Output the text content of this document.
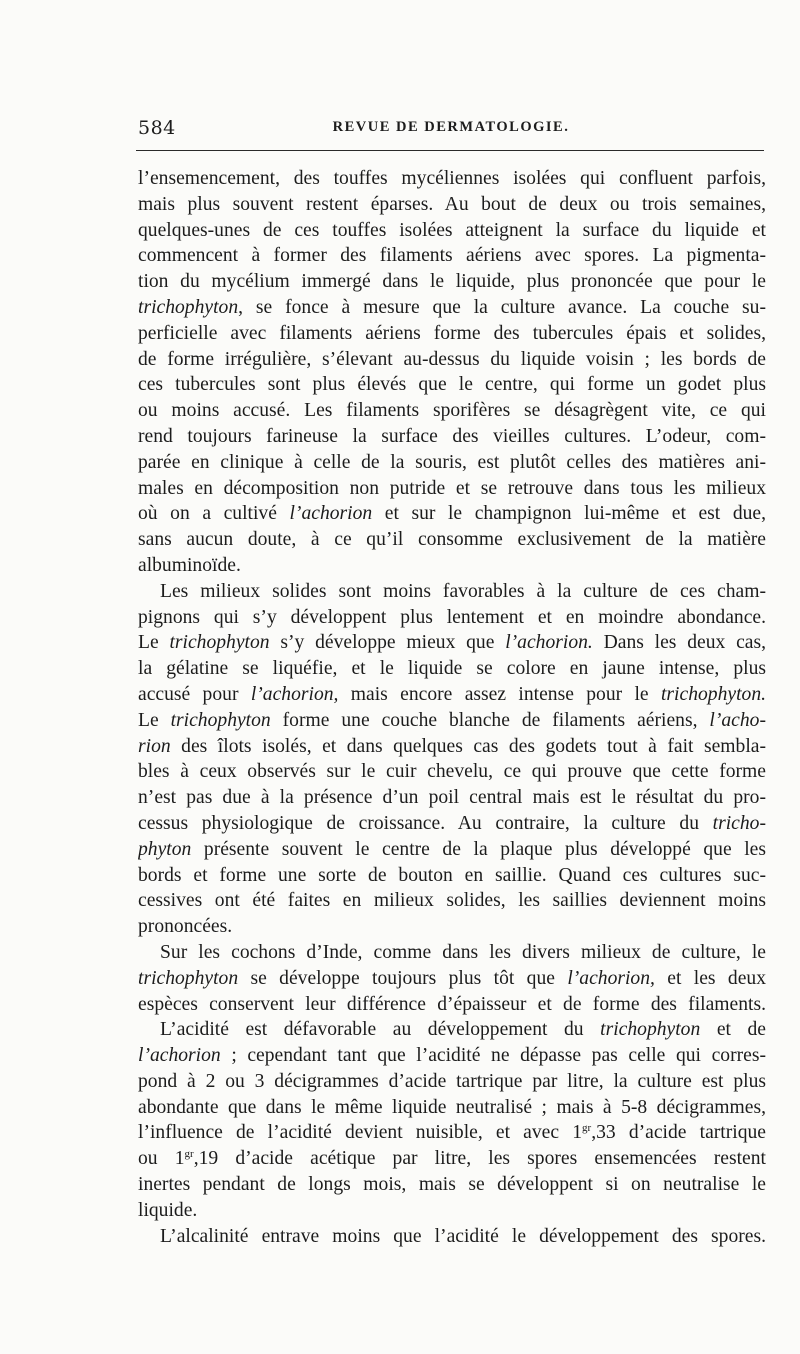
584	REVUE DE DERMATOLOGIE.
l’ensemencement, des touffes mycéliennes isolées qui confluent parfois,
mais plus souvent restent éparses. Au bout de deux ou trois semaines,
quelques-unes de ces touffes isolées atteignent la surface du liquide et
commencent à former des filaments aériens avec spores. La pigmenta-
tion du mycélium immergé dans le liquide, plus prononcée que pour le
trichophyton, se fonce à mesure que la culture avance. La couche su-
perficielle avec filaments aériens forme des tubercules épais et solides,
de forme irrégulière, s’élevant au-dessus du liquide voisin ; les bords de
ces tubercules sont plus élevés que le centre, qui forme un godet plus
ou moins accusé. Les filaments sporifères se désagrègent vite, ce qui
rend toujours farineuse la surface des vieilles cultures. L’odeur, com-
parée en clinique à celle de la souris, est plutôt celles des matières ani-
males en décomposition non putride et se retrouve dans tous les milieux
où on a cultivé l’achorion et sur le champignon lui-même et est due,
sans aucun doute, à ce qu’il consomme exclusivement de la matière
albuminoïde.
Les milieux solides sont moins favorables à la culture de ces cham-
pignons qui s’y développent plus lentement et en moindre abondance.
Le trichophyton s’y développe mieux que l’achorion. Dans les deux cas,
la gélatine se liquéfie, et le liquide se colore en jaune intense, plus
accusé pour l’achorion, mais encore assez intense pour le trichophyton.
Le trichophyton forme une couche blanche de filaments aériens, l’acho-
rion des îlots isolés, et dans quelques cas des godets tout à fait sembla-
bles à ceux observés sur le cuir chevelu, ce qui prouve que cette forme
n’est pas due à la présence d’un poil central mais est le résultat du pro-
cessus physiologique de croissance. Au contraire, la culture du tricho-
phyton présente souvent le centre de la plaque plus développé que les
bords et forme une sorte de bouton en saillie. Quand ces cultures suc-
cessives ont été faites en milieux solides, les saillies deviennent moins
prononcées.
Sur les cochons d’Inde, comme dans les divers milieux de culture, le
trichophyton se développe toujours plus tôt que l’achorion, et les deux
espèces conservent leur différence d’épaisseur et de forme des filaments.
L’acidité est défavorable au développement du trichophyton et de
l’achorion ; cependant tant que l’acidité ne dépasse pas celle qui corres-
pond à 2 ou 3 décigrammes d’acide tartrique par litre, la culture est plus
abondante que dans le même liquide neutralisé ; mais à 5-8 décigrammes,
l’influence de l’acidité devient nuisible, et avec $1^{gr},33$ d’acide tartrique
ou $1^{gr},19$ d’acide acétique par litre, les spores ensemencées restent
inertes pendant de longs mois, mais se développent si on neutralise le
liquide.
L’alcalinité entrave moins que l’acidité le développement des spores.
